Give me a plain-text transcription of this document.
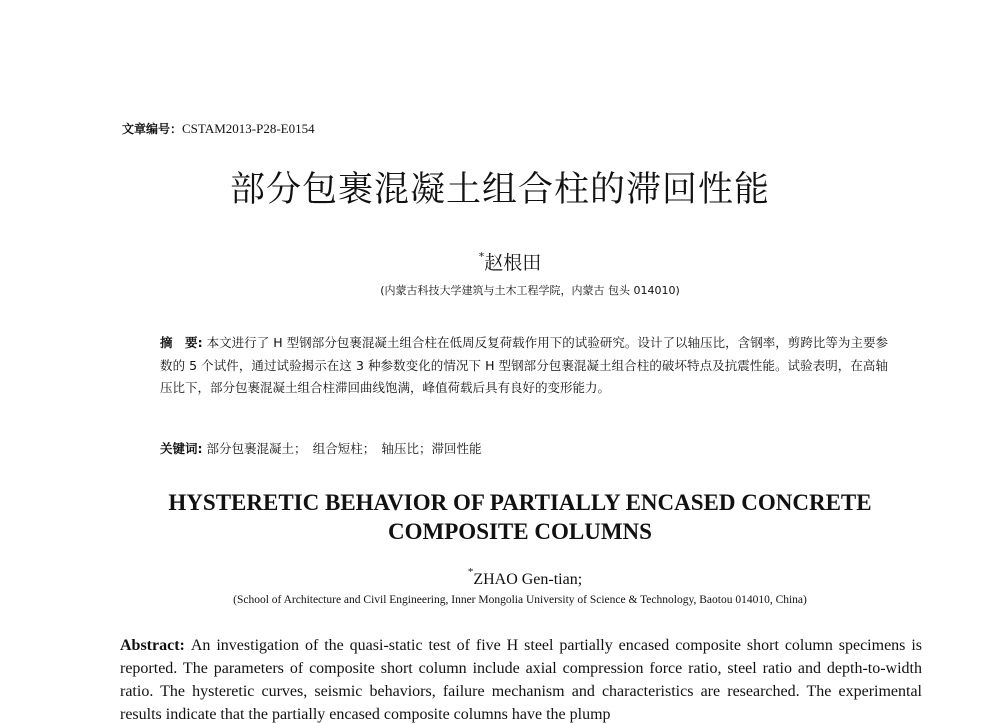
文章编号：CSTAM2013-P28-E0154
部分包裹混凝土组合柱的滞回性能
*赵根田
(内蒙古科技大学建筑与土木工程学院，内蒙古 包头 014010)

摘　要: 本文进行了 H 型钢部分包裹混凝土组合柱在低周反复荷载作用下的试验研究。设计了以轴压比，含钢率，剪跨比等为主要参数的 5 个试件，通过试验揭示在这 3 种参数变化的情况下 H 型钢部分包裹混凝土组合柱的破坏特点及抗震性能。试验表明，在高轴压比下，部分包裹混凝土组合柱滞回曲线饱满，峰值荷载后具有良好的变形能力。

关键词: 部分包裹混凝土；　组合短柱；　轴压比；滞回性能
HYSTERETIC BEHAVIOR OF PARTIALLY ENCASED CONCRETE COMPOSITE COLUMNS
*ZHAO Gen-tian;
(School of Architecture and Civil Engineering, Inner Mongolia University of Science & Technology, Baotou 014010, China)

Abstract: An investigation of the quasi-static test of five H steel partially encased composite short column specimens is reported. The parameters of composite short column include axial compression force ratio, steel ratio and depth-to-width ratio. The hysteretic curves, seismic behaviors, failure mechanism and characteristics are researched. The experimental results indicate that the partially encased composite columns have the plump
